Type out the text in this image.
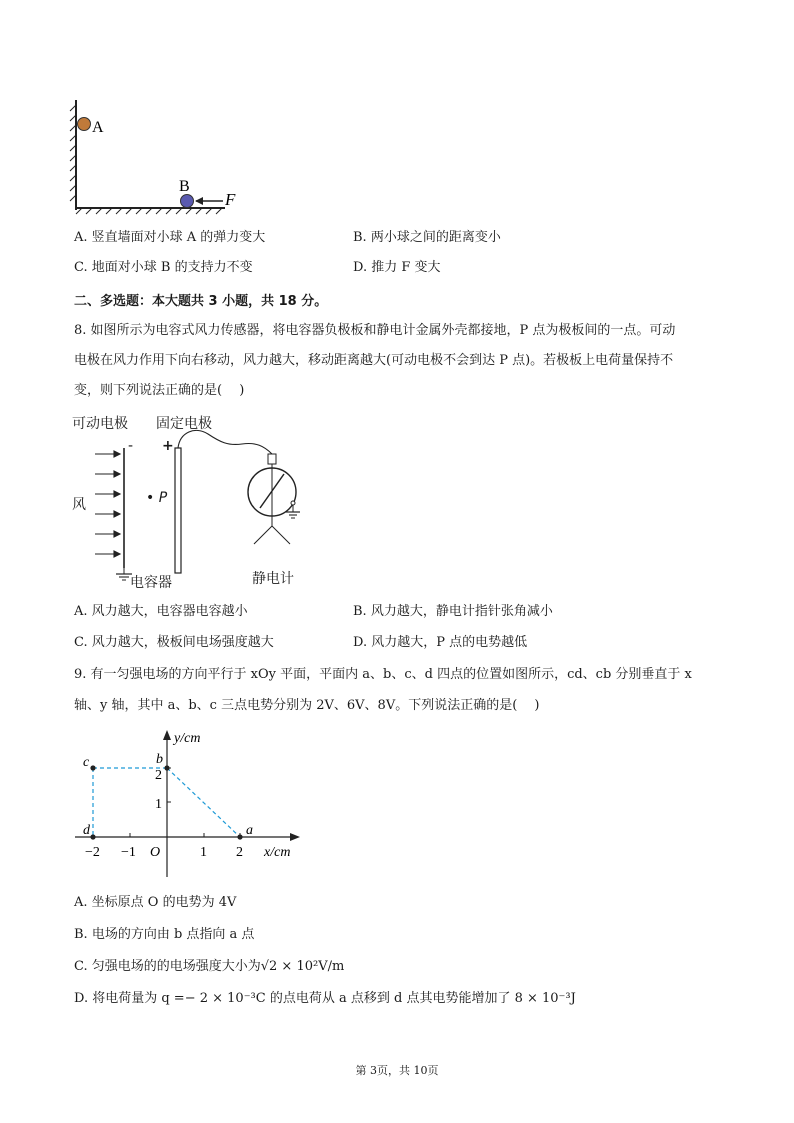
A
B
F
A. 竖直墙面对小球 A 的弹力变大	B. 两小球之间的距离变小
C. 地面对小球 B 的支持力不变	D. 推力 F 变大
二、多选题：本大题共 3 小题，共 18 分。
8. 如图所示为电容式风力传感器，将电容器负极板和静电计金属外壳都接地，P 点为极板间的一点。可动
电极在风力作用下向右移动，风力越大，移动距离越大(可动电极不会到达 P 点)。若极板上电荷量保持不
变，则下列说法正确的是(　 )
可动电极 固定电极
- +
风	• P
电容器	静电计
A. 风力越大，电容器电容越小	B. 风力越大，静电计指针张角减小
C. 风力越大，极板间电场强度越大	D. 风力越大，P 点的电势越低
9. 有一匀强电场的方向平行于 xOy 平面，平面内 a、b、c、d 四点的位置如图所示，cd、cb 分别垂直于 x
轴、y 轴，其中 a、b、c 三点电势分别为 2V、6V、8V。下列说法正确的是(　 )
y/cm
x/cm
−2 −1 O	1 2
2
1
c	b
a
d
A. 坐标原点 O 的电势为 4V
B. 电场的方向由 b 点指向 a 点
C. 匀强电场的的电场强度大小为√2 × 10²V/m
D. 将电荷量为 q =− 2 × 10⁻³C 的点电荷从 a 点移到 d 点其电势能增加了 8 × 10⁻³J
第 3页，共 10页
